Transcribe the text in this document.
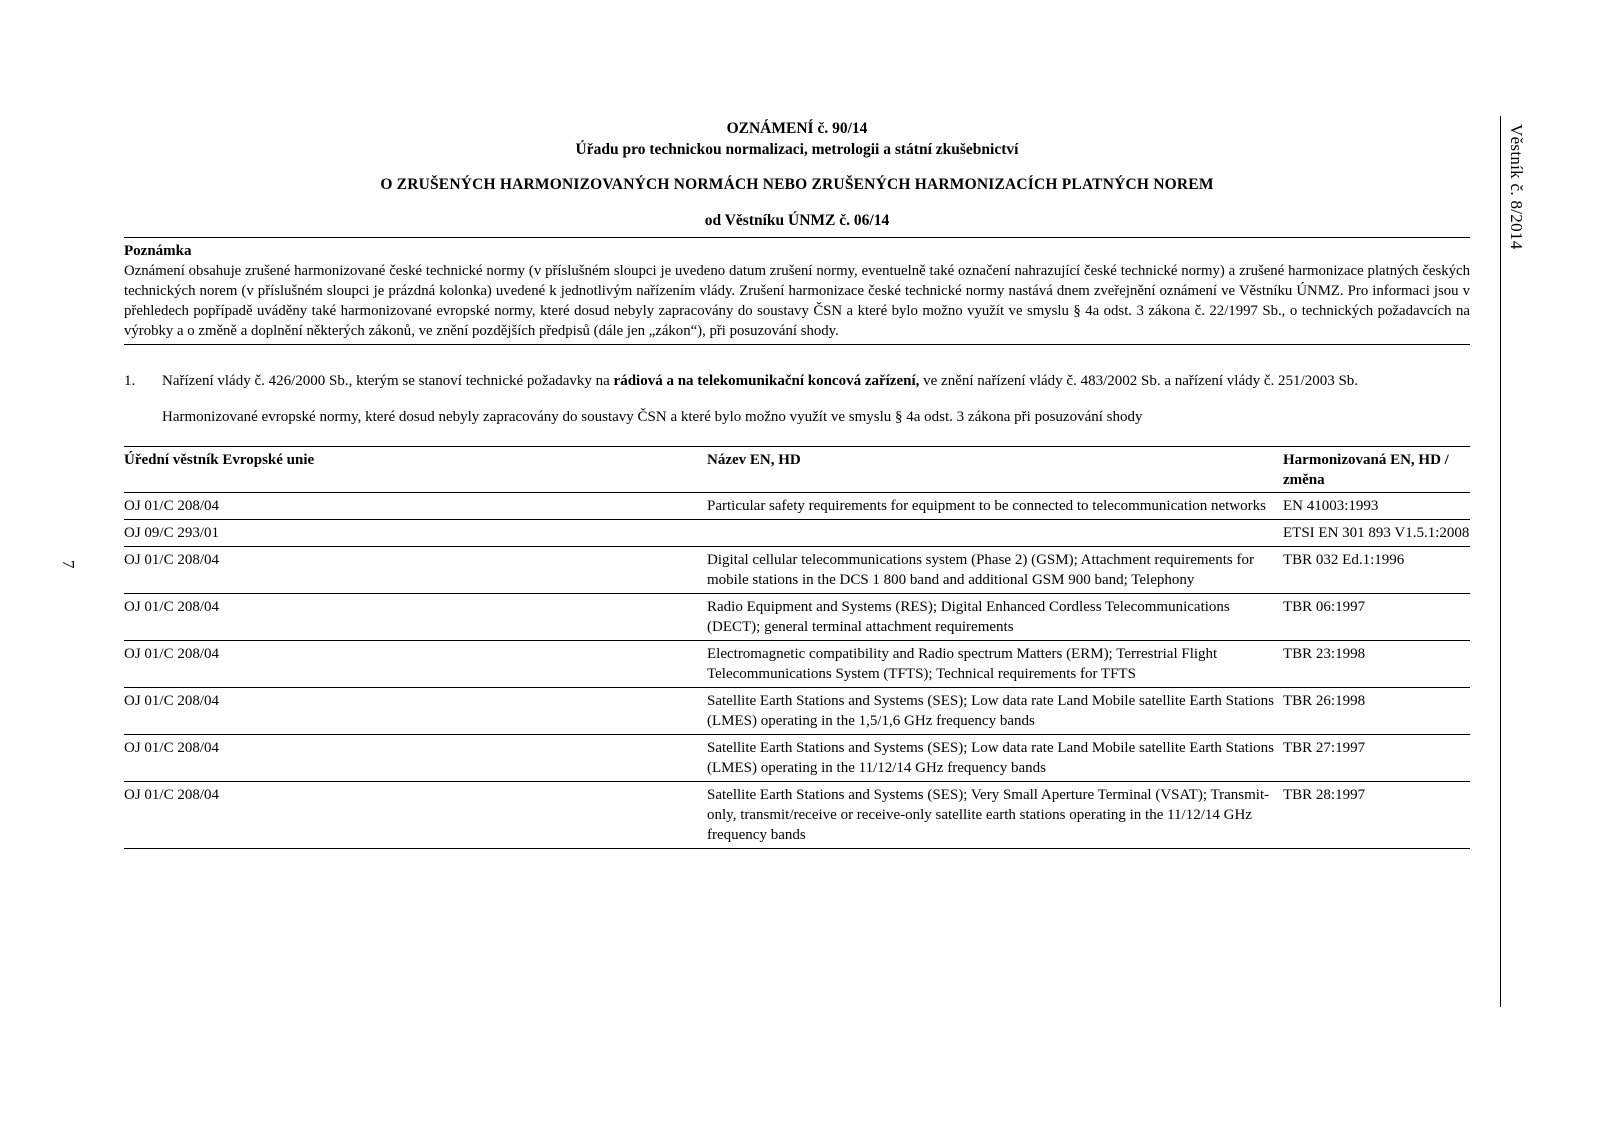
OZNÁMENÍ č. 90/14
Úřadu pro technickou normalizaci, metrologii a státní zkušebnictví
O ZRUŠENÝCH HARMONIZOVANÝCH NORMÁCH NEBO ZRUŠENÝCH HARMONIZACÍCH PLATNÝCH NOREM
od Věstníku ÚNMZ č. 06/14
Poznámka
Oznámení obsahuje zrušené harmonizované české technické normy (v příslušném sloupci je uvedeno datum zrušení normy, eventuelně také označení nahrazující české technické normy) a zrušené harmonizace platných českých technických norem (v příslušném sloupci je prázdná kolonka) uvedené k jednotlivým nařízením vlády. Zrušení harmonizace české technické normy nastává dnem zveřejnění oznámení ve Věstníku ÚNMZ. Pro informaci jsou v přehledech popřípadě uváděny také harmonizované evropské normy, které dosud nebyly zapracovány do soustavy ČSN a které bylo možno využít ve smyslu § 4a odst. 3 zákona č. 22/1997 Sb., o technických požadavcích na výrobky a o změně a doplnění některých zákonů, ve znění pozdějších předpisů (dále jen „zákon“), při posuzování shody.
1.	Nařízení vlády č. 426/2000 Sb., kterým se stanoví technické požadavky na rádiová a na telekomunikační koncová zařízení, ve znění nařízení vlády č. 483/2002 Sb. a nařízení vlády č. 251/2003 Sb.
Harmonizované evropské normy, které dosud nebyly zapracovány do soustavy ČSN a které bylo možno využít ve smyslu § 4a odst. 3 zákona při posuzování shody
Úřední věstník Evropské unie	Název EN, HD	Harmonizovaná EN, HD / změna
OJ 01/C 208/04	Particular safety requirements for equipment to be connected to telecommunication networks	EN 41003:1993
OJ 09/C 293/01		ETSI EN 301 893 V1.5.1:2008
OJ 01/C 208/04	Digital cellular telecommunications system (Phase 2) (GSM); Attachment requirements for mobile stations in the DCS 1 800 band and additional GSM 900 band; Telephony	TBR 032 Ed.1:1996
OJ 01/C 208/04	Radio Equipment and Systems (RES); Digital Enhanced Cordless Telecommunications (DECT); general terminal attachment requirements	TBR 06:1997
OJ 01/C 208/04	Electromagnetic compatibility and Radio spectrum Matters (ERM); Terrestrial Flight Telecommunications System (TFTS); Technical requirements for TFTS	TBR 23:1998
OJ 01/C 208/04	Satellite Earth Stations and Systems (SES); Low data rate Land Mobile satellite Earth Stations (LMES) operating in the 1,5/1,6 GHz frequency bands	TBR 26:1998
OJ 01/C 208/04	Satellite Earth Stations and Systems (SES); Low data rate Land Mobile satellite Earth Stations (LMES) operating in the 11/12/14 GHz frequency bands	TBR 27:1997
OJ 01/C 208/04	Satellite Earth Stations and Systems (SES); Very Small Aperture Terminal (VSAT); Transmit-only, transmit/receive or receive-only satellite earth stations operating in the 11/12/14 GHz frequency bands	TBR 28:1997
Věstník č. 8/2014
7
